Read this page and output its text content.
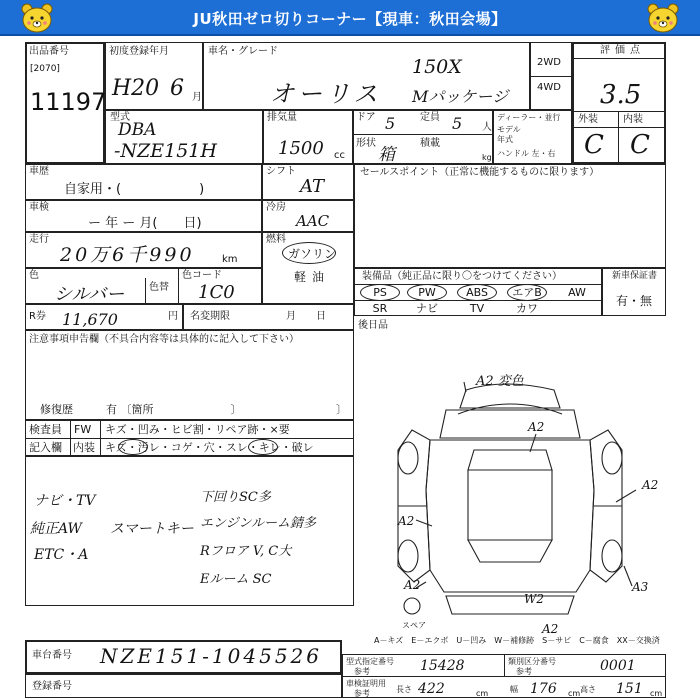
JU秋田ゼロ切りコーナー【現車：秋田会場】
出品番号
[2070]
11197
初度登録年月
H20 6 月
車名・グレード
オーリス
150X
Mパッケージ
2WD
4WD
評価点
3.5
外装	内装
C C
型式
DBA
-NZE151H
排気量
1500 cc
ドア 5 定員 5 人
形状
箱
積載
kg
ディーラー・並行
モデル
年式
ハンドル 左・右
車歴
自家用・(　　　　　　)
車検
ー 年 ー 月(　　日)
走行
20万6千990	km
色
シルバー 色替
色コード
1C0
シフト
AT
冷房
AAC
燃料
ガソリン
軽油
セールスポイント（正常に機能するものに限ります）
装備品（純正品に限り〇をつけてください）
PS	PW	ABS	エアB	AW
SR	ナビ	TV	カワ
新車保証書
有・無
R券 11,670	円 名変期限	月　　日
後日品
注意事項申告欄（不具合内容等は具体的に記入して下さい）
修復歴	有 〔箇所　　　　　　　〕	〕
検査員 FW キズ・凹み・ヒビ割・リペア跡・×要
記入欄 内装 キズ・汚レ・コゲ・穴・スレ・キレ・破レ
ナビ・TV
純正AW スマートキー
ETC・A
下回りSC多
エンジンルーム錆多
Rフロア V, C大
Eルーム SC
A2 変色
A2
A2
A2
A2
W2
A3
A2
スペア
A－キズ　E－エクボ　U－凹み　W－補修跡　S－サビ　C－腐食　XX－交換済
車台番号 NZE151-1045526
登録番号
型式指定番号
参考	15428	類別区分番号
参考	0001
車検証明用
参考	長さ 422	cm	幅 176 cm 高さ 151 cm
